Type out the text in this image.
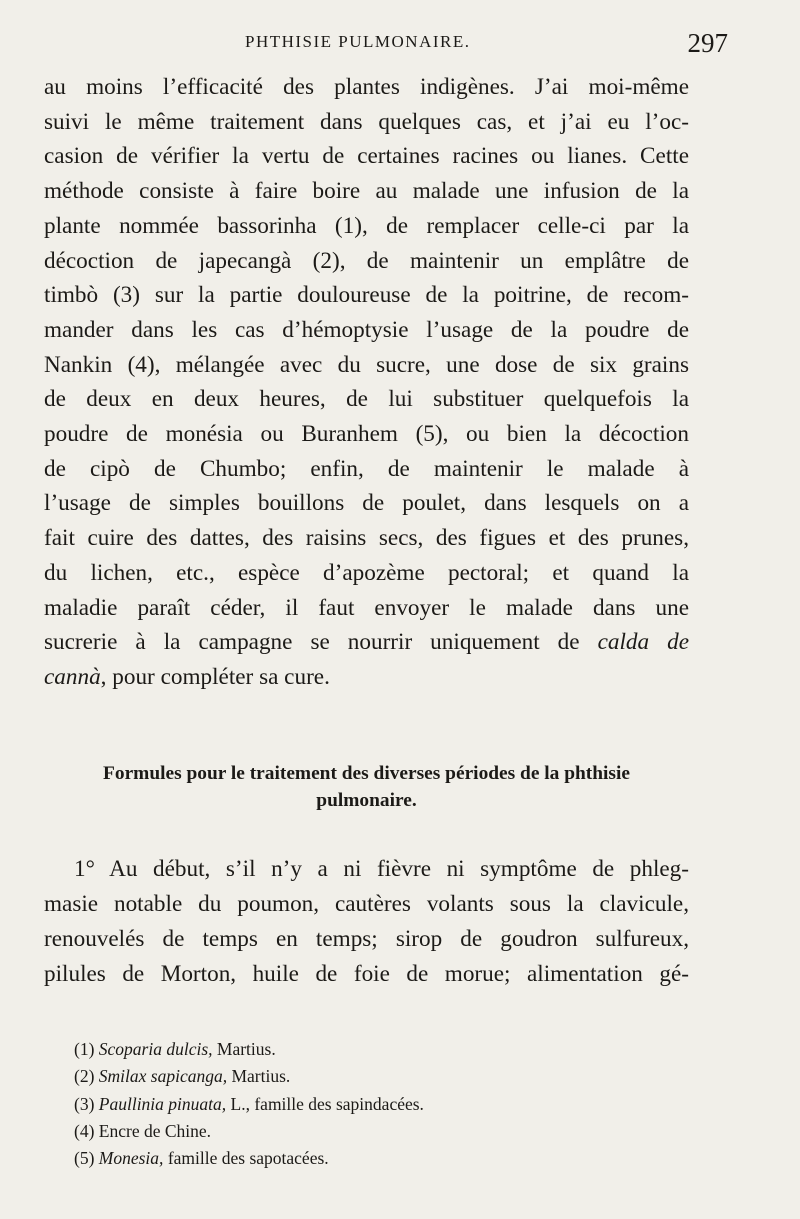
PHTHISIE PULMONAIRE.	297
au moins l’efficacité des plantes indigènes. J’ai moi-même
suivi le même traitement dans quelques cas, et j’ai eu l’oc-
casion de vérifier la vertu de certaines racines ou lianes. Cette
méthode consiste à faire boire au malade une infusion de la
plante nommée bassorinha (1), de remplacer celle-ci par la
décoction de japecangà (2), de maintenir un emplâtre de
timbò (3) sur la partie douloureuse de la poitrine, de recom-
mander dans les cas d’hémoptysie l’usage de la poudre de
Nankin (4), mélangée avec du sucre, une dose de six grains
de deux en deux heures, de lui substituer quelquefois la
poudre de monésia ou Buranhem (5), ou bien la décoction
de cipò de Chumbo; enfin, de maintenir le malade à
l’usage de simples bouillons de poulet, dans lesquels on a
fait cuire des dattes, des raisins secs, des figues et des prunes,
du lichen, etc., espèce d’apozème pectoral; et quand la
maladie paraît céder, il faut envoyer le malade dans une
sucrerie à la campagne se nourrir uniquement de calda de
cannà, pour compléter sa cure.
Formules pour le traitement des diverses périodes de la phthisie
pulmonaire.
1° Au début, s’il n’y a ni fièvre ni symptôme de phleg-
masie notable du poumon, cautères volants sous la clavicule,
renouvelés de temps en temps; sirop de goudron sulfureux,
pilules de Morton, huile de foie de morue; alimentation gé-
(1) Scoparia dulcis, Martius.
(2) Smilax sapicanga, Martius.
(3) Paullinia pinuata, L., famille des sapindacées.
(4) Encre de Chine.
(5) Monesia, famille des sapotacées.
